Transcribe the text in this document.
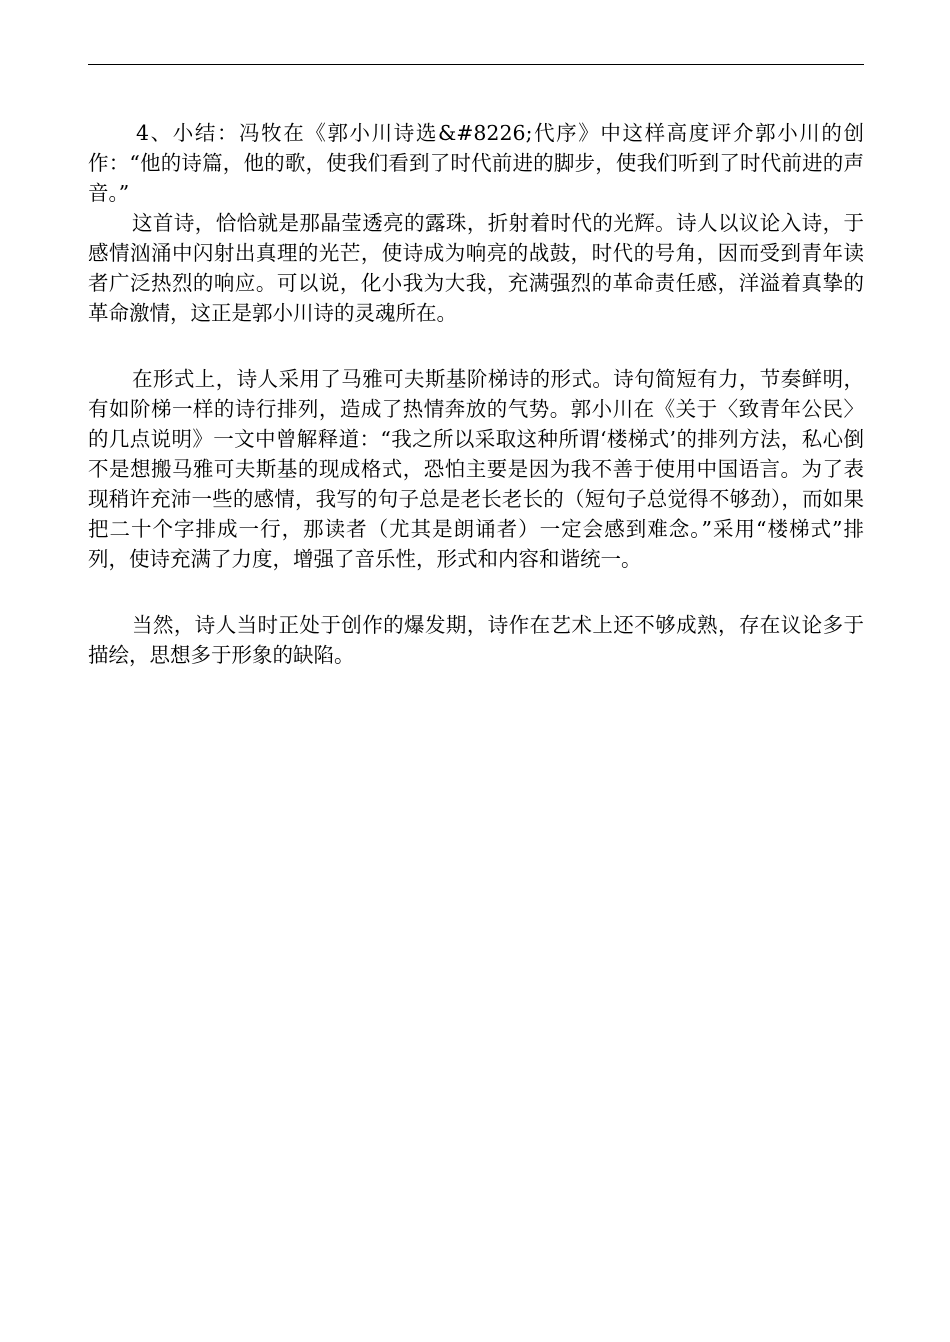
4、小结：冯牧在《郭小川诗选&#8226;代序》中这样高度评介郭小川的创作：“他的诗篇，他的歌，使我们看到了时代前进的脚步，使我们听到了时代前进的声音。”

这首诗，恰恰就是那晶莹透亮的露珠，折射着时代的光辉。诗人以议论入诗，于感情汹涌中闪射出真理的光芒，使诗成为响亮的战鼓，时代的号角，因而受到青年读者广泛热烈的响应。可以说，化小我为大我，充满强烈的革命责任感，洋溢着真挚的革命激情，这正是郭小川诗的灵魂所在。

在形式上，诗人采用了马雅可夫斯基阶梯诗的形式。诗句简短有力，节奏鲜明，有如阶梯一样的诗行排列，造成了热情奔放的气势。郭小川在《关于〈致青年公民〉的几点说明》一文中曾解释道：“我之所以采取这种所谓‘楼梯式’的排列方法，私心倒不是想搬马雅可夫斯基的现成格式，恐怕主要是因为我不善于使用中国语言。为了表现稍许充沛一些的感情，我写的句子总是老长老长的（短句子总觉得不够劲），而如果把二十个字排成一行，那读者（尤其是朗诵者）一定会感到难念。”采用“楼梯式”排列，使诗充满了力度，增强了音乐性，形式和内容和谐统一。

当然，诗人当时正处于创作的爆发期，诗作在艺术上还不够成熟，存在议论多于描绘，思想多于形象的缺陷。
